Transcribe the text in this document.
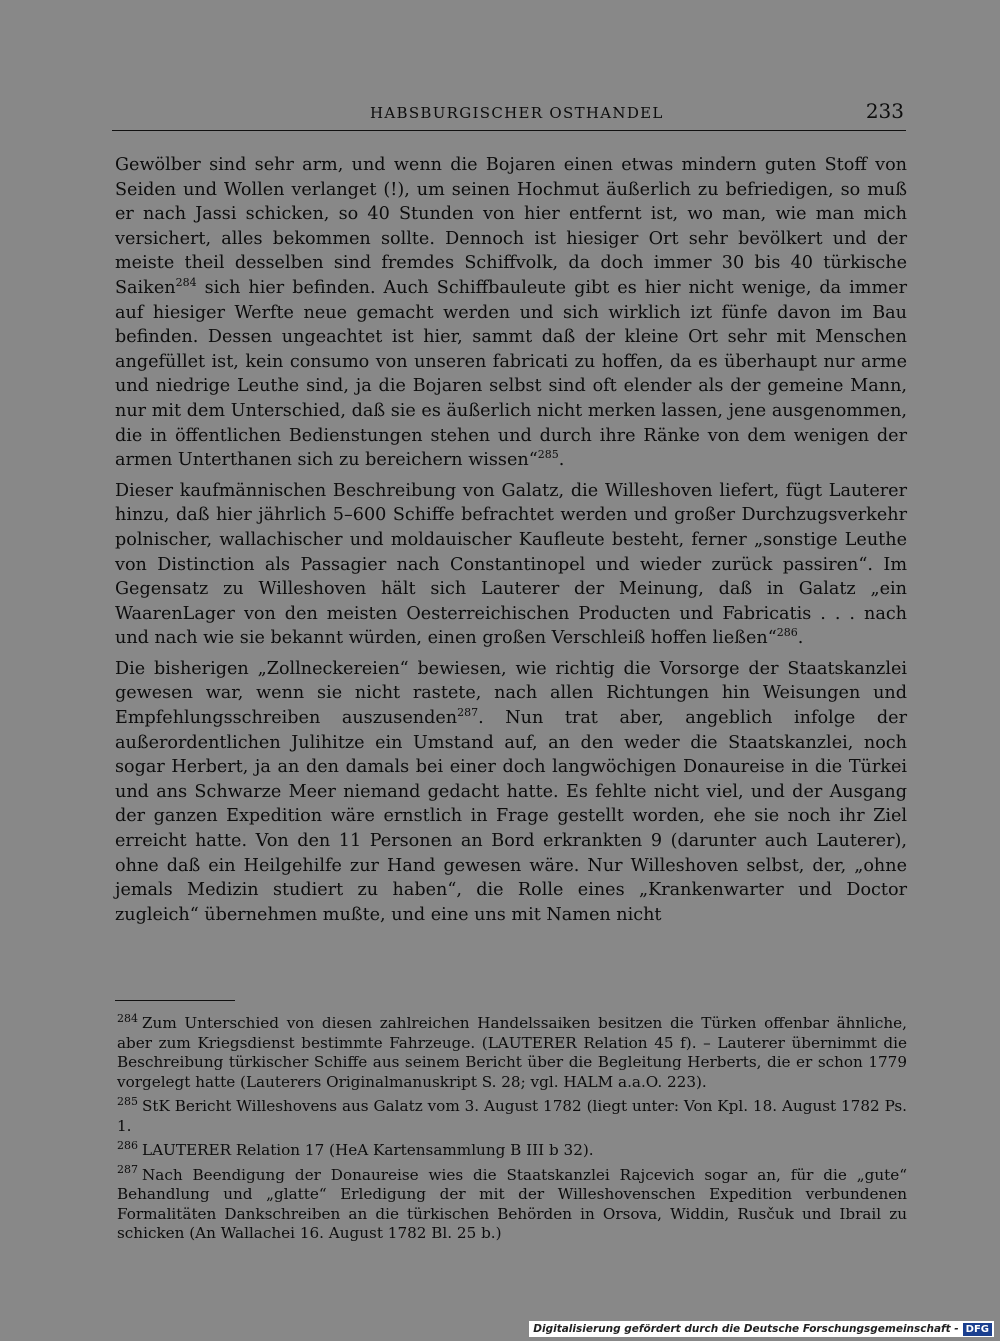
HABSBURGISCHER OSTHANDEL	233

Gewölber sind sehr arm, und wenn die Bojaren einen etwas mindern guten Stoff von Seiden und Wollen verlanget (!), um seinen Hochmut äußerlich zu befriedigen, so muß er nach Jassi schicken, so 40 Stunden von hier entfernt ist, wo man, wie man mich versichert, alles bekommen sollte. Dennoch ist hiesiger Ort sehr bevölkert und der meiste theil desselben sind fremdes Schiffvolk, da doch immer 30 bis 40 türkische Saiken$^{284}$ sich hier befinden. Auch Schiffbauleute gibt es hier nicht wenige, da immer auf hiesiger Werfte neue gemacht werden und sich wirklich izt fünfe davon im Bau befinden. Dessen ungeachtet ist hier, sammt daß der kleine Ort sehr mit Menschen angefüllet ist, kein consumo von unseren fabricati zu hoffen, da es überhaupt nur arme und niedrige Leuthe sind, ja die Bojaren selbst sind oft elender als der gemeine Mann, nur mit dem Unterschied, daß sie es äußerlich nicht merken lassen, jene ausgenommen, die in öffentlichen Bedienstungen stehen und durch ihre Ränke von dem wenigen der armen Unterthanen sich zu bereichern wissen“$^{285}$.

Dieser kaufmännischen Beschreibung von Galatz, die Willeshoven liefert, fügt Lauterer hinzu, daß hier jährlich 5–600 Schiffe befrachtet werden und großer Durchzugsverkehr polnischer, wallachischer und moldauischer Kaufleute besteht, ferner „sonstige Leuthe von Distinction als Passagier nach Constantinopel und wieder zurück passiren“. Im Gegensatz zu Willeshoven hält sich Lauterer der Meinung, daß in Galatz „ein WaarenLager von den meisten Oesterreichischen Producten und Fabricatis . . . nach und nach wie sie bekannt würden, einen großen Verschleiß hoffen ließen“$^{286}$.

Die bisherigen „Zollneckereien“ bewiesen, wie richtig die Vorsorge der Staatskanzlei gewesen war, wenn sie nicht rastete, nach allen Richtungen hin Weisungen und Empfehlungsschreiben auszusenden$^{287}$. Nun trat aber, angeblich infolge der außerordentlichen Julihitze ein Umstand auf, an den weder die Staatskanzlei, noch sogar Herbert, ja an den damals bei einer doch langwöchigen Donaureise in die Türkei und ans Schwarze Meer niemand gedacht hatte. Es fehlte nicht viel, und der Ausgang der ganzen Expedition wäre ernstlich in Frage gestellt worden, ehe sie noch ihr Ziel erreicht hatte. Von den 11 Personen an Bord erkrankten 9 (darunter auch Lauterer), ohne daß ein Heilgehilfe zur Hand gewesen wäre. Nur Willeshoven selbst, der, „ohne jemals Medizin studiert zu haben“, die Rolle eines „Krankenwarter und Doctor zugleich“ übernehmen mußte, und eine uns mit Namen nicht

$^{284}$ Zum Unterschied von diesen zahlreichen Handelssaiken besitzen die Türken offenbar ähnliche, aber zum Kriegsdienst bestimmte Fahrzeuge. (LAUTERER Relation 45 f). – Lauterer übernimmt die Beschreibung türkischer Schiffe aus seinem Bericht über die Begleitung Herberts, die er schon 1779 vorgelegt hatte (Lauterers Originalmanuskript S. 28; vgl. HALM a.a.O. 223).

$^{285}$ StK Bericht Willeshovens aus Galatz vom 3. August 1782 (liegt unter: Von Kpl. 18. August 1782 Ps. 1.

$^{286}$ LAUTERER Relation 17 (HeA Kartensammlung B III b 32).

$^{287}$ Nach Beendigung der Donaureise wies die Staatskanzlei Rajcevich sogar an, für die „gute“ Behandlung und „glatte“ Erledigung der mit der Willeshovenschen Expedition verbundenen Formalitäten Dankschreiben an die türkischen Behörden in Orsova, Widdin, Rusčuk und Ibrail zu schicken (An Wallachei 16. August 1782 Bl. 25 b.)

Digitalisierung gefördert durch die Deutsche Forschungsgemeinschaft - DFG
